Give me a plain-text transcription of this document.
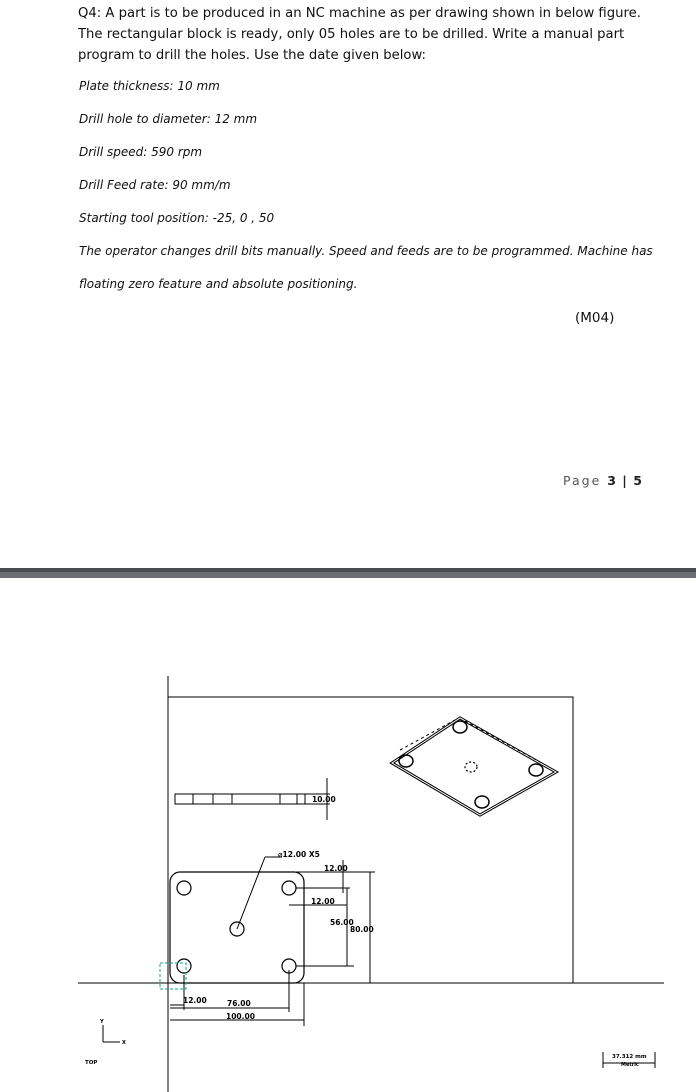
Q4: A part is to be produced in an NC machine as per drawing shown in below figure. The rectangular block is ready, only 05 holes are to be drilled. Write a manual part program to drill the holes. Use the date given below:

Plate thickness: 10 mm

Drill hole to diameter: 12 mm

Drill speed: 590 rpm

Drill Feed rate: 90 mm/m

Starting tool position: -25, 0 , 50

The operator changes drill bits manually. Speed and feeds are to be programmed. Machine has

floating zero feature and absolute positioning.

(M04)
Page 3 | 5
10.00
⌀12.00 X5
12.00
12.00
56.00
80.00
12.00	76.00
100.00
Y
X
TOP
37.312 mm
Metric
